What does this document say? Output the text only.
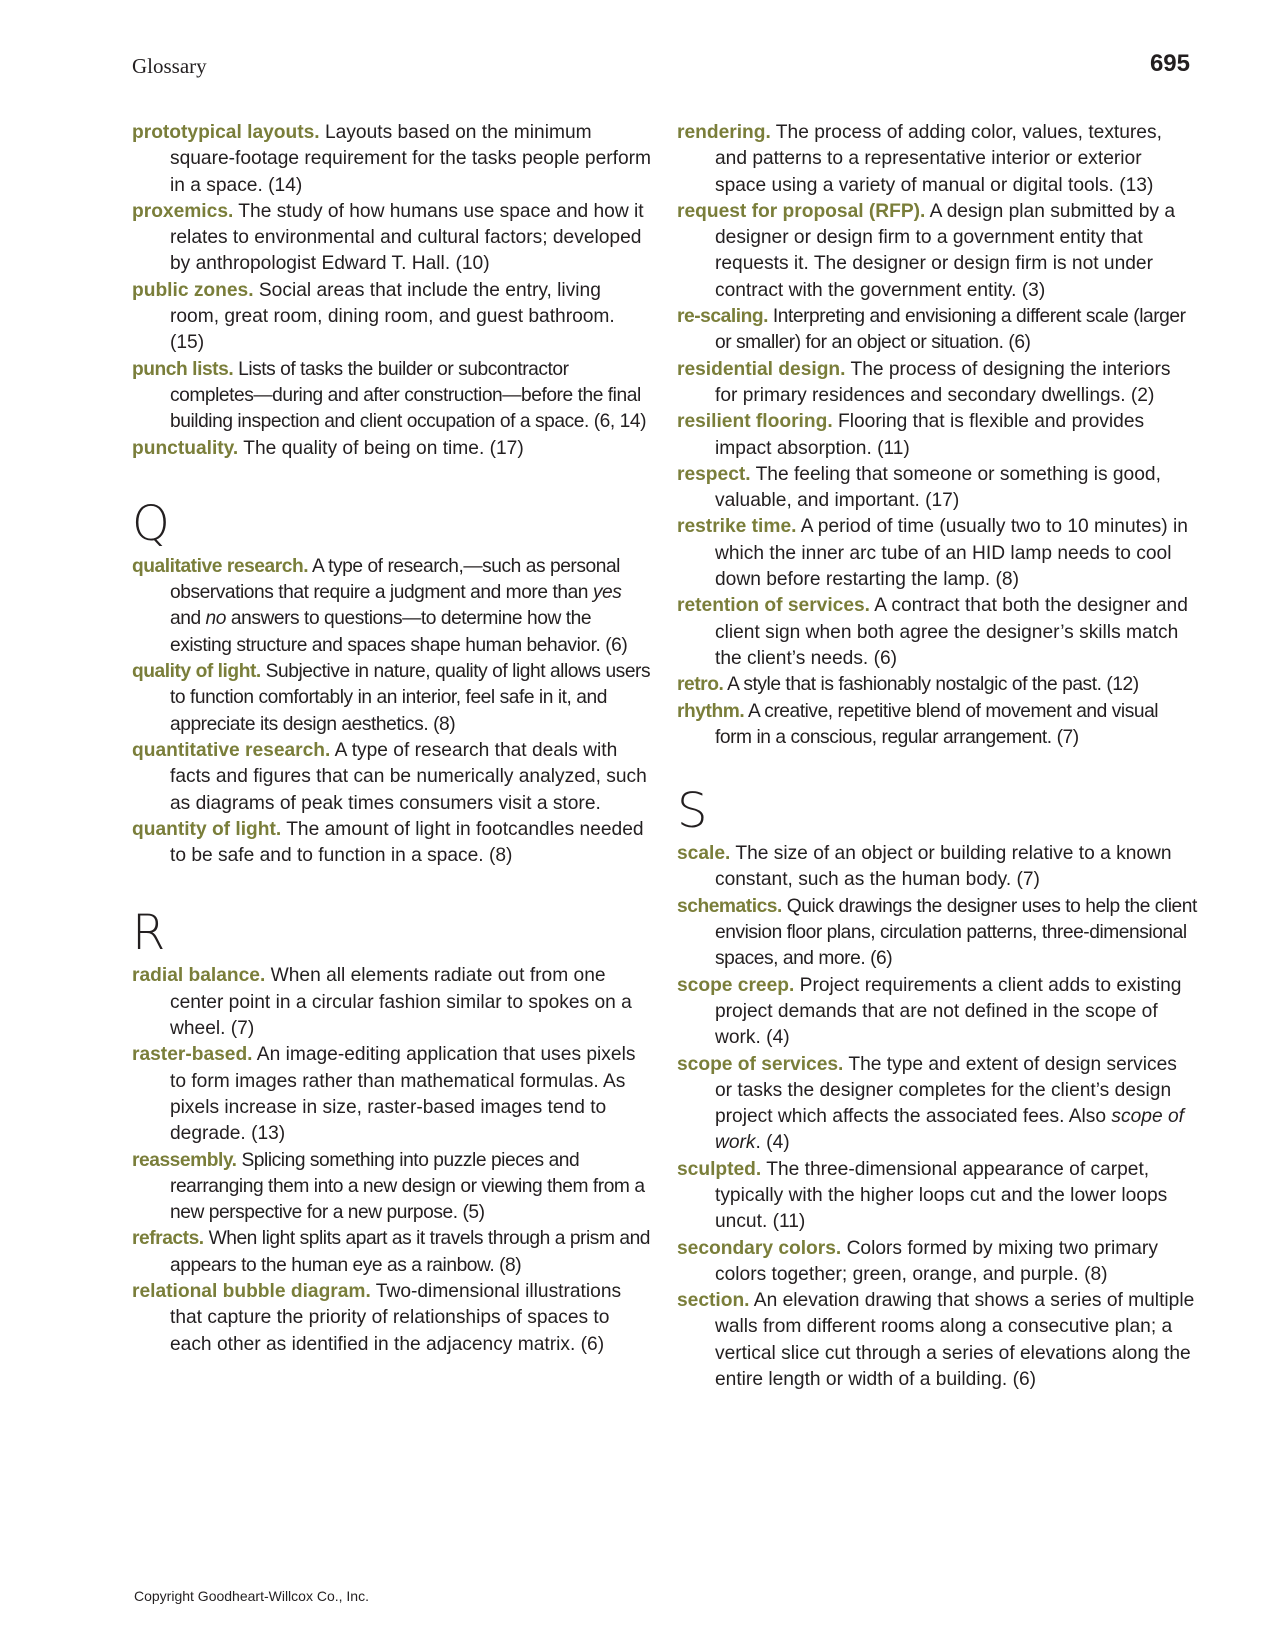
Glossary	695

prototypical layouts. Layouts based on the minimum square-footage requirement for the tasks people perform in a space. (14)

proxemics. The study of how humans use space and how it relates to environmental and cultural factors; developed by anthropologist Edward T. Hall. (10)

public zones. Social areas that include the entry, living room, great room, dining room, and guest bathroom. (15)

punch lists. Lists of tasks the builder or subcontractor completes—during and after construction—before the final building inspection and client occupation of a space. (6, 14)

punctuality. The quality of being on time. (17)

Q

qualitative research. A type of research,—such as personal observations that require a judgment and more than yes and no answers to questions—to determine how the existing structure and spaces shape human behavior. (6)

quality of light. Subjective in nature, quality of light allows users to function comfortably in an interior, feel safe in it, and appreciate its design aesthetics. (8)

quantitative research. A type of research that deals with facts and figures that can be numerically analyzed, such as diagrams of peak times consumers visit a store.

quantity of light. The amount of light in footcandles needed to be safe and to function in a space. (8)

R

radial balance. When all elements radiate out from one center point in a circular fashion similar to spokes on a wheel. (7)

raster-based. An image-editing application that uses pixels to form images rather than mathematical formulas. As pixels increase in size, raster-based images tend to degrade. (13)

reassembly. Splicing something into puzzle pieces and rearranging them into a new design or viewing them from a new perspective for a new purpose. (5)

refracts. When light splits apart as it travels through a prism and appears to the human eye as a rainbow. (8)

relational bubble diagram. Two-dimensional illustrations that capture the priority of relationships of spaces to each other as identified in the adjacency matrix. (6)

rendering. The process of adding color, values, textures, and patterns to a representative interior or exterior space using a variety of manual or digital tools. (13)

request for proposal (RFP). A design plan submitted by a designer or design firm to a government entity that requests it. The designer or design firm is not under contract with the government entity. (3)

re-scaling. Interpreting and envisioning a different scale (larger or smaller) for an object or situation. (6)

residential design. The process of designing the interiors for primary residences and secondary dwellings. (2)

resilient flooring. Flooring that is flexible and provides impact absorption. (11)

respect. The feeling that someone or something is good, valuable, and important. (17)

restrike time. A period of time (usually two to 10 minutes) in which the inner arc tube of an HID lamp needs to cool down before restarting the lamp. (8)

retention of services. A contract that both the designer and client sign when both agree the designer’s skills match the client’s needs. (6)

retro. A style that is fashionably nostalgic of the past. (12)

rhythm. A creative, repetitive blend of movement and visual form in a conscious, regular arrangement. (7)

S

scale. The size of an object or building relative to a known constant, such as the human body. (7)

schematics. Quick drawings the designer uses to help the client envision floor plans, circulation patterns, three-dimensional spaces, and more. (6)

scope creep. Project requirements a client adds to existing project demands that are not defined in the scope of work. (4)

scope of services. The type and extent of design services or tasks the designer completes for the client’s design project which affects the associated fees. Also scope of work. (4)

sculpted. The three-dimensional appearance of carpet, typically with the higher loops cut and the lower loops uncut. (11)

secondary colors. Colors formed by mixing two primary colors together; green, orange, and purple. (8)

section. An elevation drawing that shows a series of multiple walls from different rooms along a consecutive plan; a vertical slice cut through a series of elevations along the entire length or width of a building. (6)

Copyright Goodheart-Willcox Co., Inc.
